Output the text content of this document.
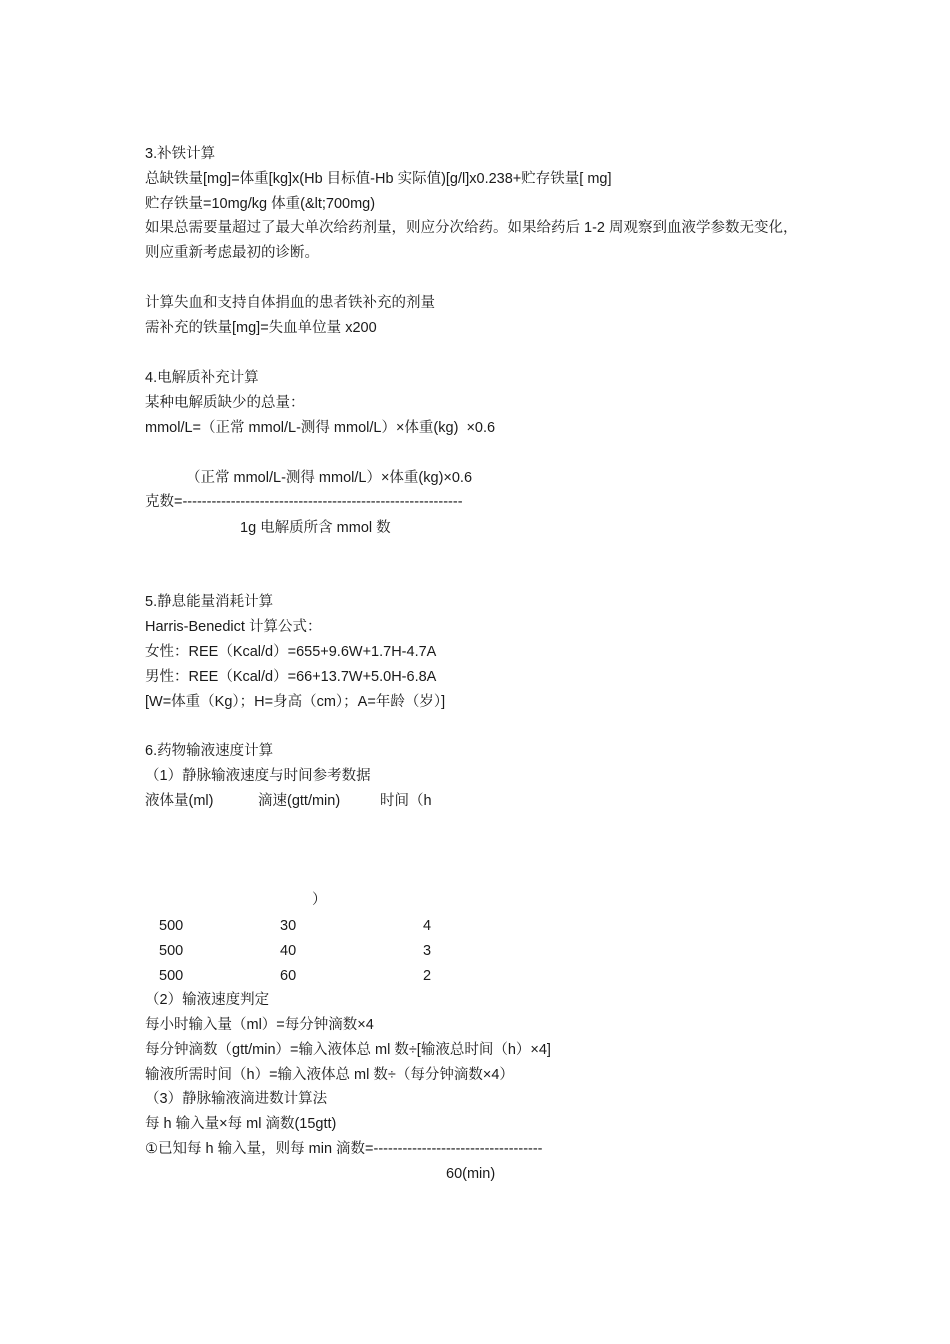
3.补铁计算
总缺铁量[mg]=体重[kg]x(Hb 目标值-Hb 实际值)[g/l]x0.238+贮存铁量[ mg]
贮存铁量=10mg/kg 体重(&lt;700mg)
如果总需要量超过了最大单次给药剂量，则应分次给药。如果给药后 1-2 周观察到血液学参数无变化，则应重新考虑最初的诊断。
计算失血和支持自体捐血的患者铁补充的剂量
需补充的铁量[mg]=失血单位量 x200
4.电解质补充计算
某种电解质缺少的总量：
mmol/L=（正常 mmol/L-测得 mmol/L）×体重(kg)  ×0.6
（正常 mmol/L-测得 mmol/L）×体重(kg)×0.6
克数=----------------------------------------------------------
1g 电解质所含 mmol 数
5.静息能量消耗计算
Harris-Benedict 计算公式：
女性：REE（Kcal/d）=655+9.6W+1.7H-4.7A
男性：REE（Kcal/d）=66+13.7W+5.0H-6.8A
[W=体重（Kg）；H=身高（cm）；A=年龄（岁）]
6.药物输液速度计算
（1）静脉输液速度与时间参考数据
液体量(ml)	滴速(gtt/min)	时间（h
）
500	30	4
500	40	3
500	60	2
（2）输液速度判定
每小时输入量（ml）=每分钟滴数×4
每分钟滴数（gtt/min）=输入液体总 ml 数÷[输液总时间（h）×4]
输液所需时间（h）=输入液体总 ml 数÷（每分钟滴数×4）
（3）静脉输液滴进数计算法
每 h 输入量×每 ml 滴数(15gtt)
①已知每 h 输入量，则每 min 滴数=-----------------------------------
60(min)
